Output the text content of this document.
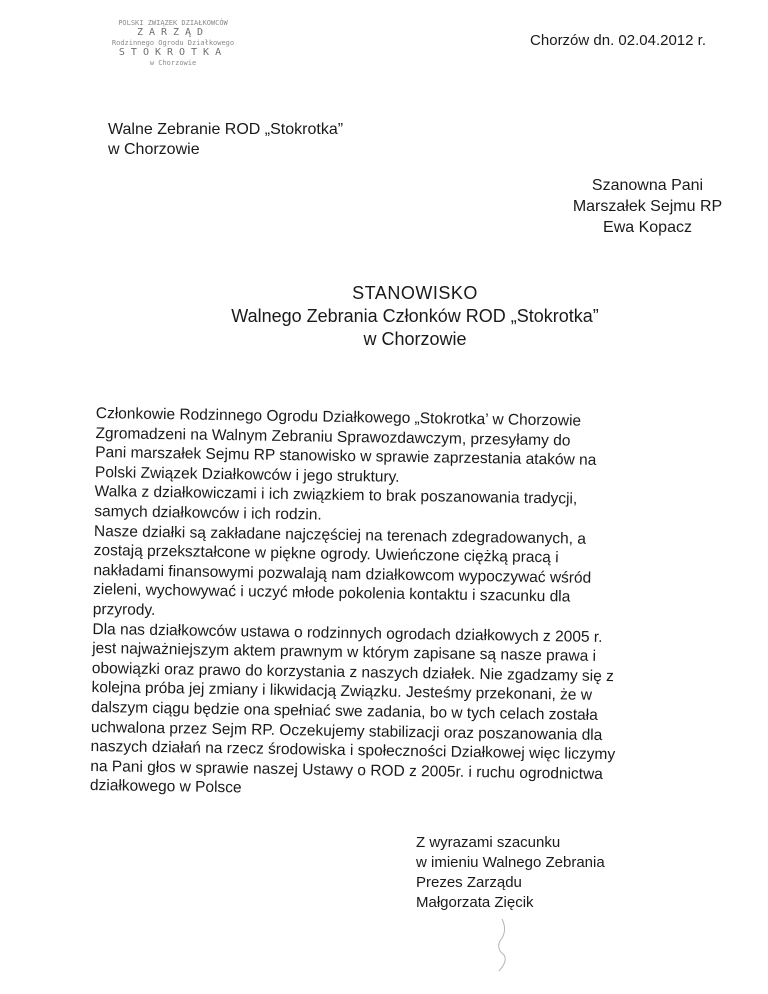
POLSKI ZWIĄZEK DZIAŁKOWCÓW
ZARZĄD
Rodzinnego Ogrodu Działkowego
STOKROTKA
w Chorzowie
Chorzów dn. 02.04.2012 r.
Walne Zebranie ROD „Stokrotka”
w Chorzowie
Szanowna Pani
Marszałek Sejmu RP
Ewa Kopacz
STANOWISKO
Walnego Zebrania Członków ROD „Stokrotka”
w Chorzowie
Członkowie Rodzinnego Ogrodu Działkowego „Stokrotka’ w Chorzowie
Zgromadzeni na Walnym Zebraniu Sprawozdawczym, przesyłamy do
Pani marszałek Sejmu RP stanowisko w sprawie zaprzestania ataków na
Polski Związek Działkowców i jego struktury.
Walka z działkowiczami i ich związkiem to brak poszanowania tradycji,
samych działkowców i ich rodzin.
Nasze działki są zakładane najczęściej na terenach zdegradowanych, a
zostają przekształcone w piękne ogrody. Uwieńczone ciężką pracą i
nakładami finansowymi pozwalają nam działkowcom wypoczywać wśród
zieleni, wychowywać i uczyć młode pokolenia kontaktu i szacunku dla
przyrody.
Dla nas działkowców ustawa o rodzinnych ogrodach działkowych z 2005 r.
jest najważniejszym aktem prawnym w którym zapisane są nasze prawa i
obowiązki oraz prawo do korzystania z naszych działek. Nie zgadzamy się z
kolejna próba jej zmiany i likwidacją Związku. Jesteśmy przekonani, że w
dalszym ciągu będzie ona spełniać swe zadania, bo w tych celach została
uchwalona przez Sejm RP. Oczekujemy stabilizacji oraz poszanowania dla
naszych działań na rzecz środowiska i społeczności Działkowej więc liczymy
na Pani głos w sprawie naszej Ustawy o ROD z 2005r. i ruchu ogrodnictwa
działkowego w Polsce
Z wyrazami szacunku
w imieniu Walnego Zebrania
Prezes Zarządu
Małgorzata Zięcik
